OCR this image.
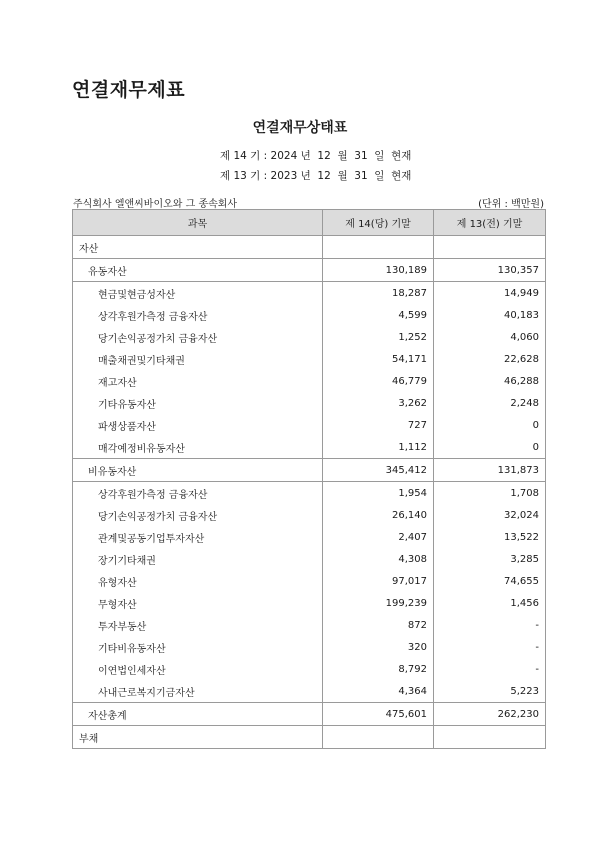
연결재무제표
연결재무상태표
제 14 기 : 2024 년  12  월  31  일  현재
제 13 기 : 2023 년  12  월  31  일  현재
주식회사 엘앤씨바이오와 그 종속회사	(단위 : 백만원)
과목	제 14(당) 기말	제 13(전) 기말
자산		
유동자산	130,189	130,357
현금및현금성자산	18,287	14,949
상각후원가측정 금융자산	4,599	40,183
당기손익공정가치 금융자산	1,252	4,060
매출채권및기타채권	54,171	22,628
재고자산	46,779	46,288
기타유동자산	3,262	2,248
파생상품자산	727	0
매각예정비유동자산	1,112	0
비유동자산	345,412	131,873
상각후원가측정 금융자산	1,954	1,708
당기손익공정가치 금융자산	26,140	32,024
관계및공동기업투자자산	2,407	13,522
장기기타채권	4,308	3,285
유형자산	97,017	74,655
무형자산	199,239	1,456
투자부동산	872	-
기타비유동자산	320	-
이연법인세자산	8,792	-
사내근로복지기금자산	4,364	5,223
자산총계	475,601	262,230
부채		
